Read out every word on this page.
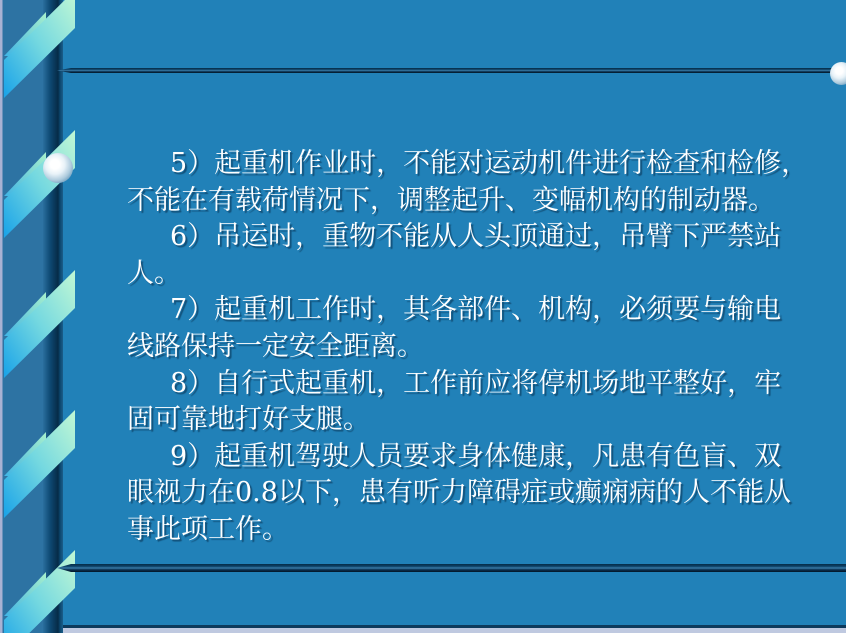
5）起重机作业时，不能对运动机件进行检查和检修，
不能在有载荷情况下，调整起升、变幅机构的制动器。
6）吊运时，重物不能从人头顶通过，吊臂下严禁站
人。
7）起重机工作时，其各部件、机构，必须要与输电
线路保持一定安全距离。
8）自行式起重机，工作前应将停机场地平整好，牢
固可靠地打好支腿。
9）起重机驾驶人员要求身体健康，凡患有色盲、双
眼视力在0.8以下，患有听力障碍症或癫痫病的人不能从
事此项工作。
